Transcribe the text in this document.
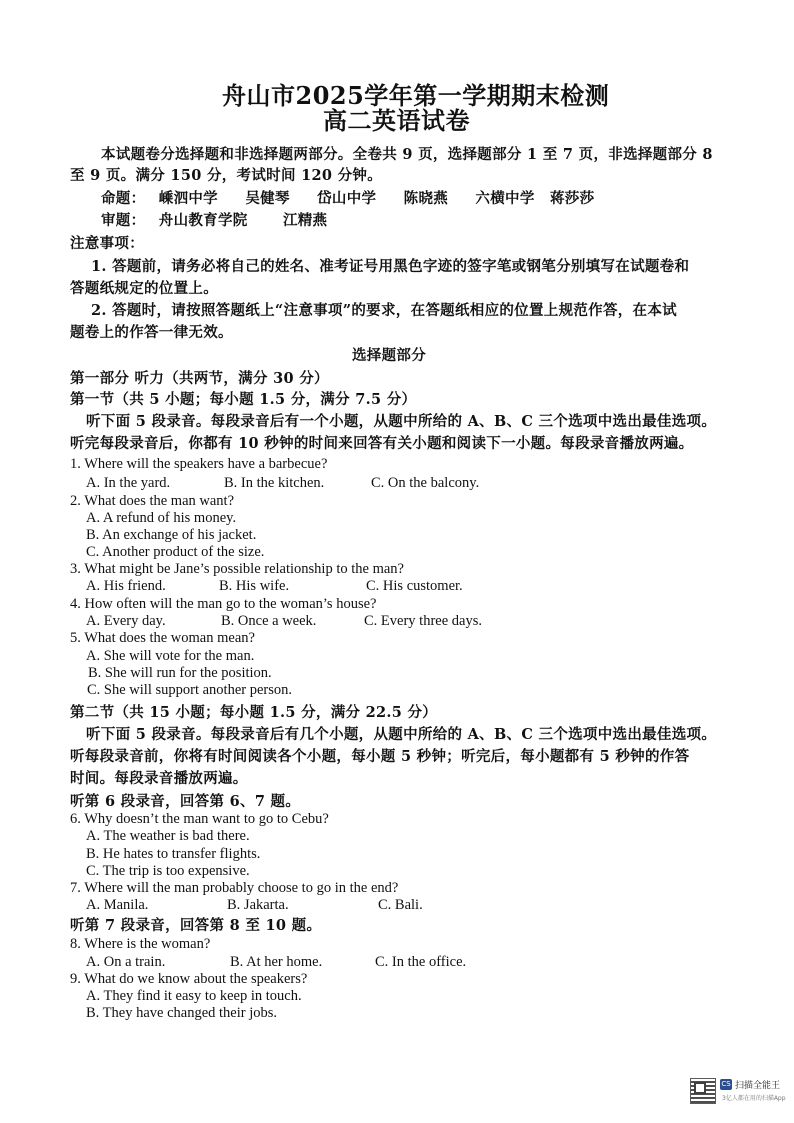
舟山市2025学年第一学期期末检测
高二英语试卷
本试题卷分选择题和非选择题两部分。全卷共 9 页，选择题部分 1 至 7 页，非选择题部分 8
至 9 页。满分 150 分，考试时间 120 分钟。
命题： 嵊泗中学 吴健琴 岱山中学 陈晓燕 六横中学 蒋莎莎
审题： 舟山教育学院 江精燕
注意事项：
1. 答题前，请务必将自己的姓名、准考证号用黑色字迹的签字笔或钢笔分别填写在试题卷和
答题纸规定的位置上。
2. 答题时，请按照答题纸上“注意事项”的要求，在答题纸相应的位置上规范作答，在本试
题卷上的作答一律无效。
选择题部分
第一部分 听力（共两节，满分 30 分）
第一节（共 5 小题；每小题 1.5 分，满分 7.5 分）
听下面 5 段录音。每段录音后有一个小题，从题中所给的 A、B、C 三个选项中选出最佳选项。
听完每段录音后，你都有 10 秒钟的时间来回答有关小题和阅读下一小题。每段录音播放两遍。
1. Where will the speakers have a barbecue?
A. In the yard.	B. In the kitchen.	C. On the balcony.
2. What does the man want?
A. A refund of his money.
B. An exchange of his jacket.
C. Another product of the size.
3. What might be Jane’s possible relationship to the man?
A. His friend.	B. His wife.	C. His customer.
4. How often will the man go to the woman’s house?
A. Every day.	B. Once a week.	C. Every three days.
5. What does the woman mean?
A. She will vote for the man.
B. She will run for the position.
C. She will support another person.
第二节（共 15 小题；每小题 1.5 分，满分 22.5 分）
听下面 5 段录音。每段录音后有几个小题，从题中所给的 A、B、C 三个选项中选出最佳选项。
听每段录音前，你将有时间阅读各个小题，每小题 5 秒钟；听完后，每小题都有 5 秒钟的作答
时间。每段录音播放两遍。
听第 6 段录音，回答第 6、7 题。
6. Why doesn’t the man want to go to Cebu?
A. The weather is bad there.
B. He hates to transfer flights.
C. The trip is too expensive.
7. Where will the man probably choose to go in the end?
A. Manila.	B. Jakarta.	C. Bali.
听第 7 段录音，回答第 8 至 10 题。
8. Where is the woman?
A. On a train.	B. At her home.	C. In the office.
9. What do we know about the speakers?
A. They find it easy to keep in touch.
B. They have changed their jobs.
CS 扫描全能王
3亿人都在用的扫描App
